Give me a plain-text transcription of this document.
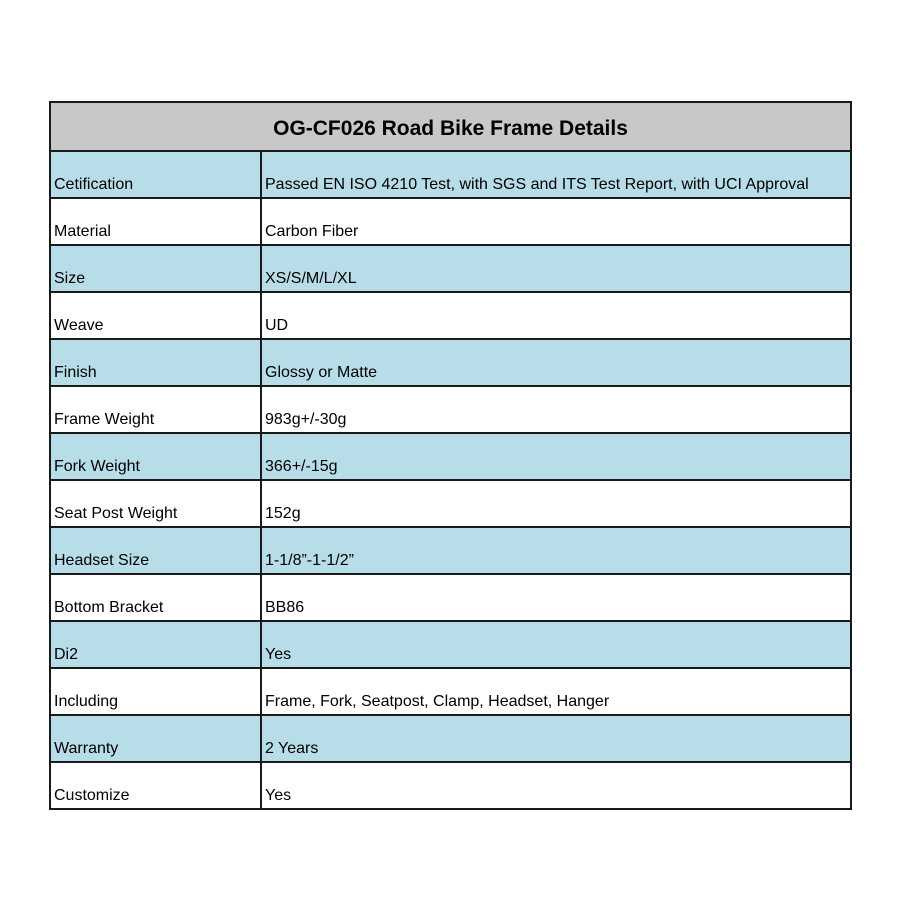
OG-CF026 Road Bike Frame Details	
Cetification	Passed EN ISO 4210 Test, with SGS and ITS Test Report, with UCI Approval
Material	Carbon Fiber
Size	XS/S/M/L/XL
Weave	UD
Finish	Glossy or Matte
Frame Weight	983g+/-30g
Fork Weight	366+/-15g
Seat Post Weight	152g
Headset Size	1-1/8”-1-1/2”
Bottom Bracket	BB86
Di2	Yes
Including	Frame, Fork, Seatpost, Clamp, Headset, Hanger
Warranty	2 Years
Customize	Yes
